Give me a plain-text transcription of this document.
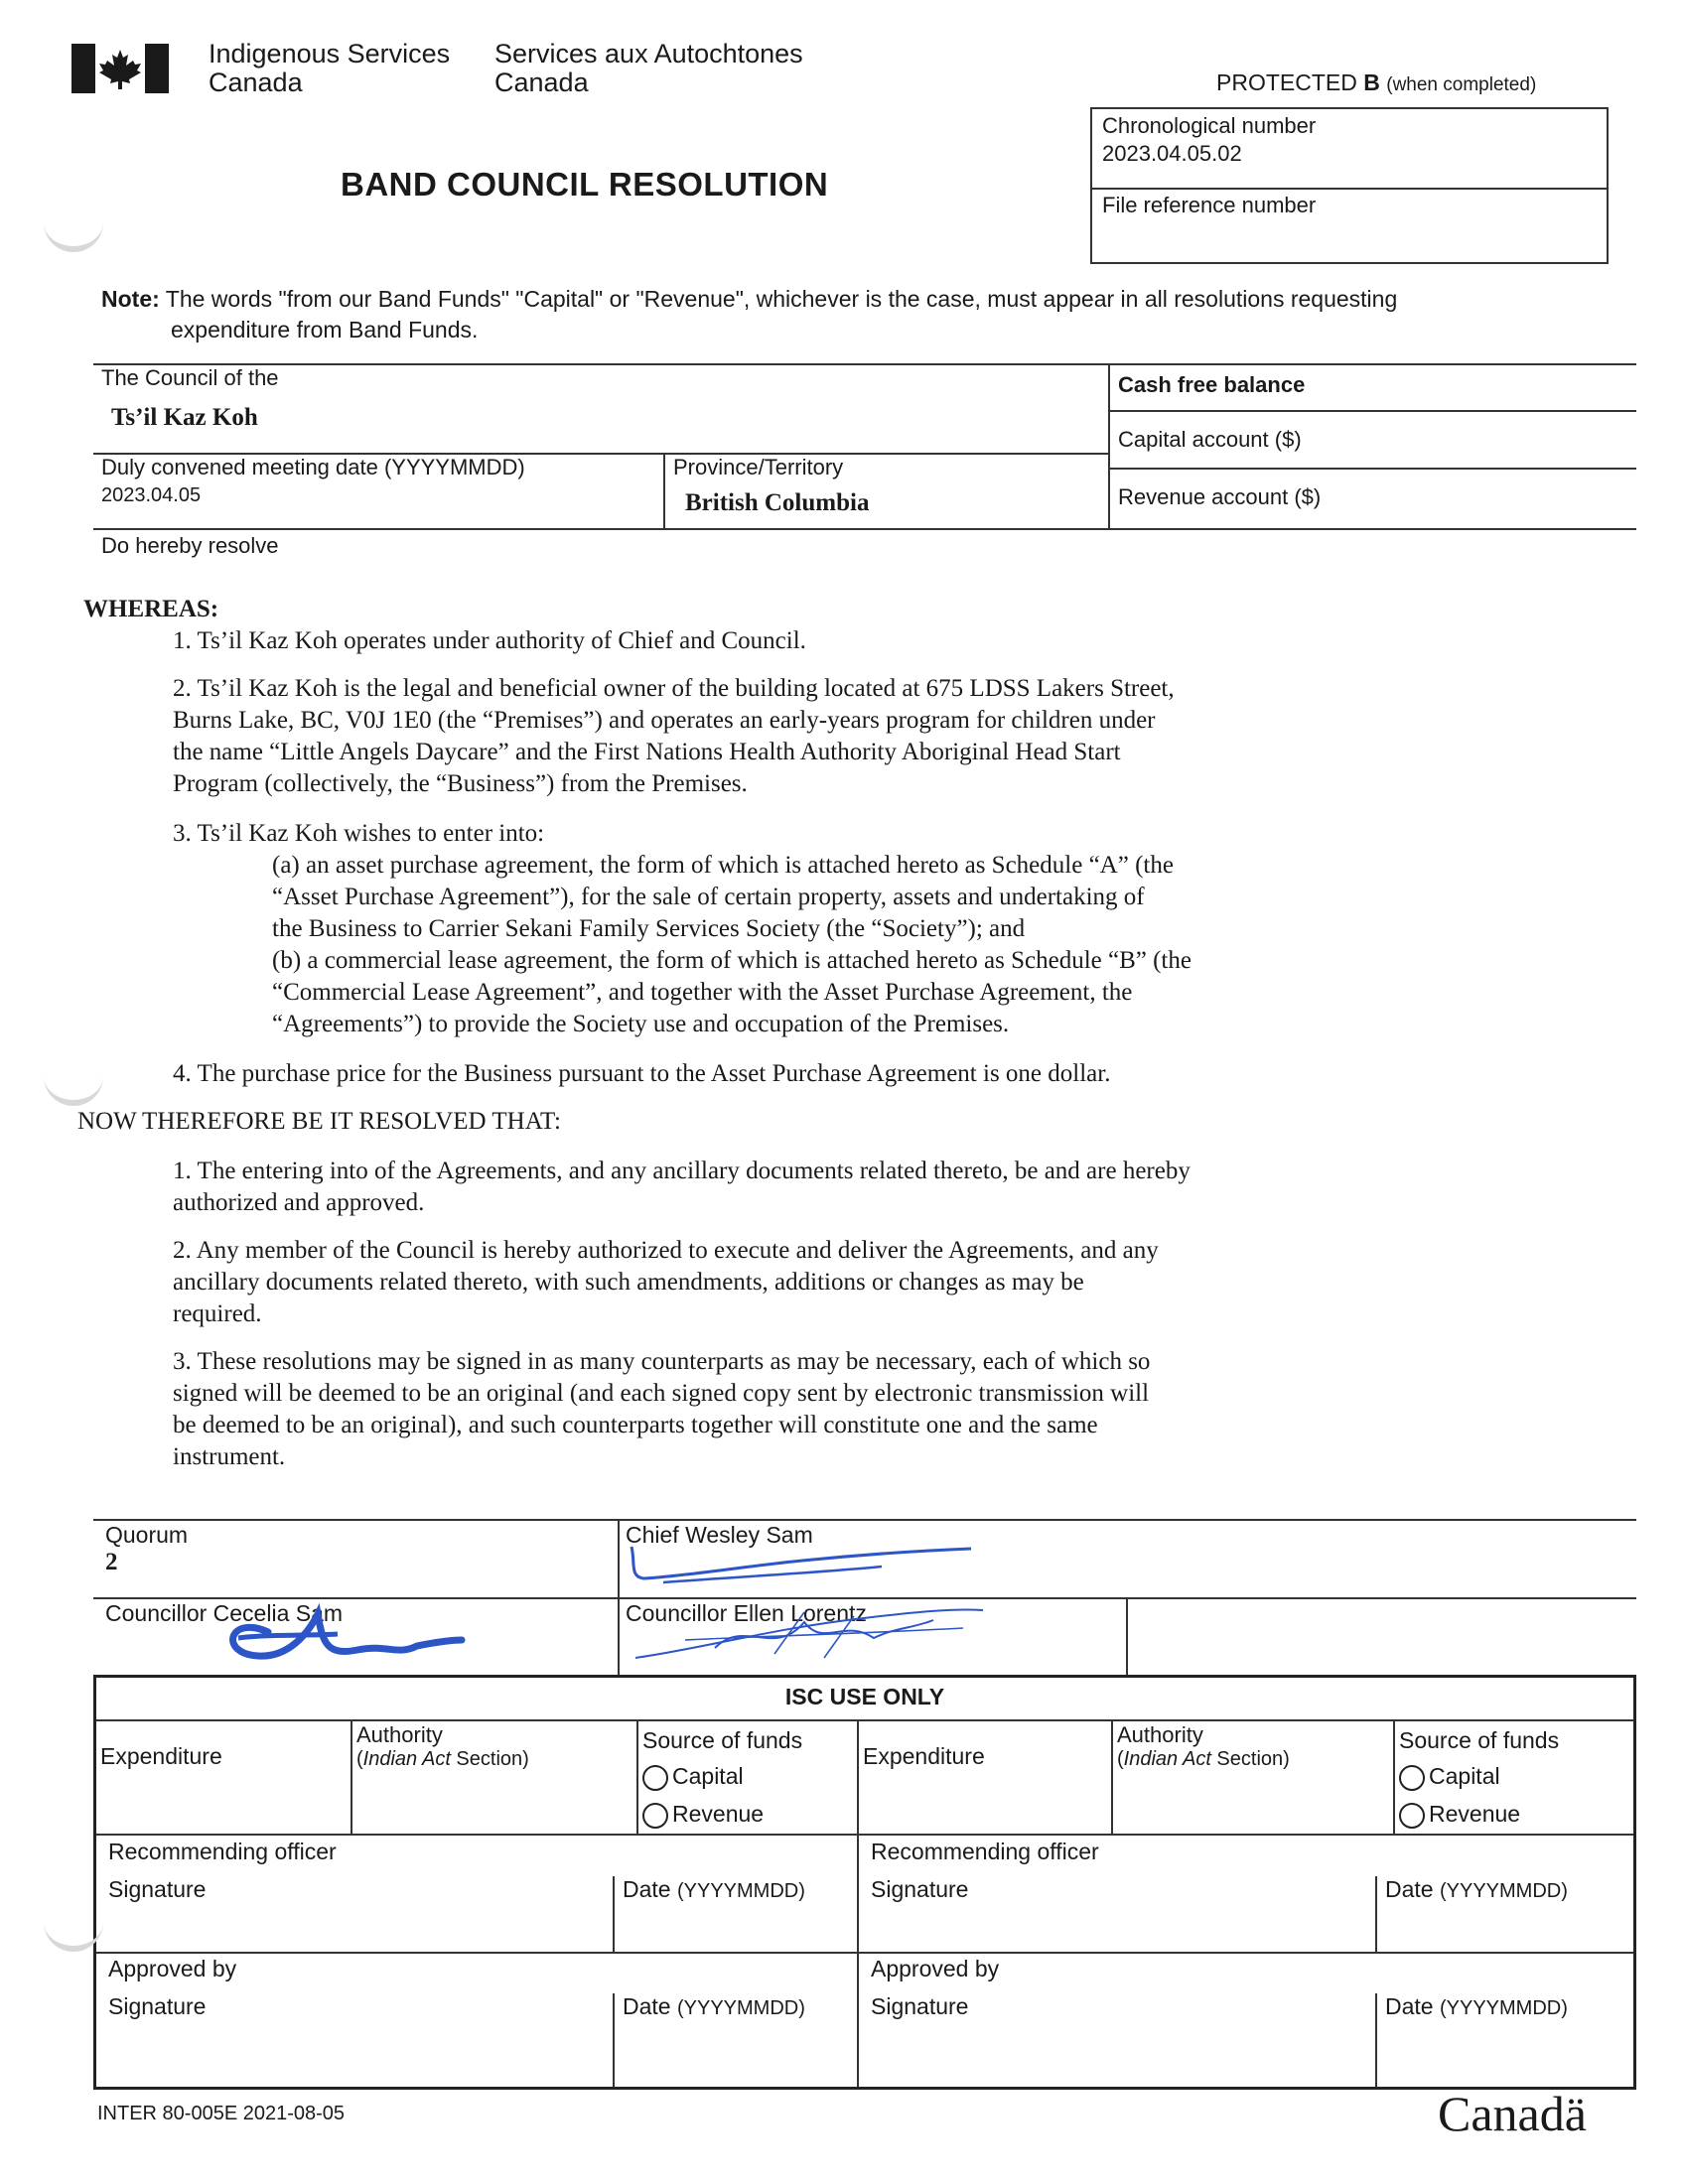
Indigenous Services
Canada
Services aux Autochtones
Canada	PROTECTED B (when completed)
BAND COUNCIL RESOLUTION
Chronological number
2023.04.05.02
File reference number
Note: The words "from our Band Funds" "Capital" or "Revenue", whichever is the case, must appear in all resolutions requesting
expenditure from Band Funds.
The Council of the
Ts’il Kaz Koh
Duly convened meeting date (YYYYMMDD)
2023.04.05
Province/Territory
British Columbia
Cash free balance
Capital account ($)
Revenue account ($)
Do hereby resolve
WHEREAS:
1. Ts’il Kaz Koh operates under authority of Chief and Council.
2. Ts’il Kaz Koh is the legal and beneficial owner of the building located at 675 LDSS Lakers Street,
Burns Lake, BC, V0J 1E0 (the “Premises”) and operates an early-years program for children under
the name “Little Angels Daycare” and the First Nations Health Authority Aboriginal Head Start
Program (collectively, the “Business”) from the Premises.
3. Ts’il Kaz Koh wishes to enter into:
(a) an asset purchase agreement, the form of which is attached hereto as Schedule “A” (the
“Asset Purchase Agreement”), for the sale of certain property, assets and undertaking of
the Business to Carrier Sekani Family Services Society (the “Society”); and
(b) a commercial lease agreement, the form of which is attached hereto as Schedule “B” (the
“Commercial Lease Agreement”, and together with the Asset Purchase Agreement, the
“Agreements”) to provide the Society use and occupation of the Premises.
4. The purchase price for the Business pursuant to the Asset Purchase Agreement is one dollar.
NOW THEREFORE BE IT RESOLVED THAT:
1. The entering into of the Agreements, and any ancillary documents related thereto, be and are hereby
authorized and approved.
2. Any member of the Council is hereby authorized to execute and deliver the Agreements, and any
ancillary documents related thereto, with such amendments, additions or changes as may be
required.
3. These resolutions may be signed in as many counterparts as may be necessary, each of which so
signed will be deemed to be an original (and each signed copy sent by electronic transmission will
be deemed to be an original), and such counterparts together will constitute one and the same
instrument.
Quorum
2
Chief Wesley Sam
Councillor Cecelia Sam	Councillor Ellen Lorentz
ISC USE ONLY
Expenditure
Authority
(Indian Act Section)
Source of funds
Capital
Revenue
Recommending officer
Signature	Date (YYYYMMDD)
Approved by
Signature	Date (YYYYMMDD)
Expenditure
Authority
(Indian Act Section)
Source of funds
Capital
Revenue
Recommending officer
Signature	Date (YYYYMMDD)
Approved by
Signature	Date (YYYYMMDD)
INTER 80-005E 2021-08-05	Canadä
